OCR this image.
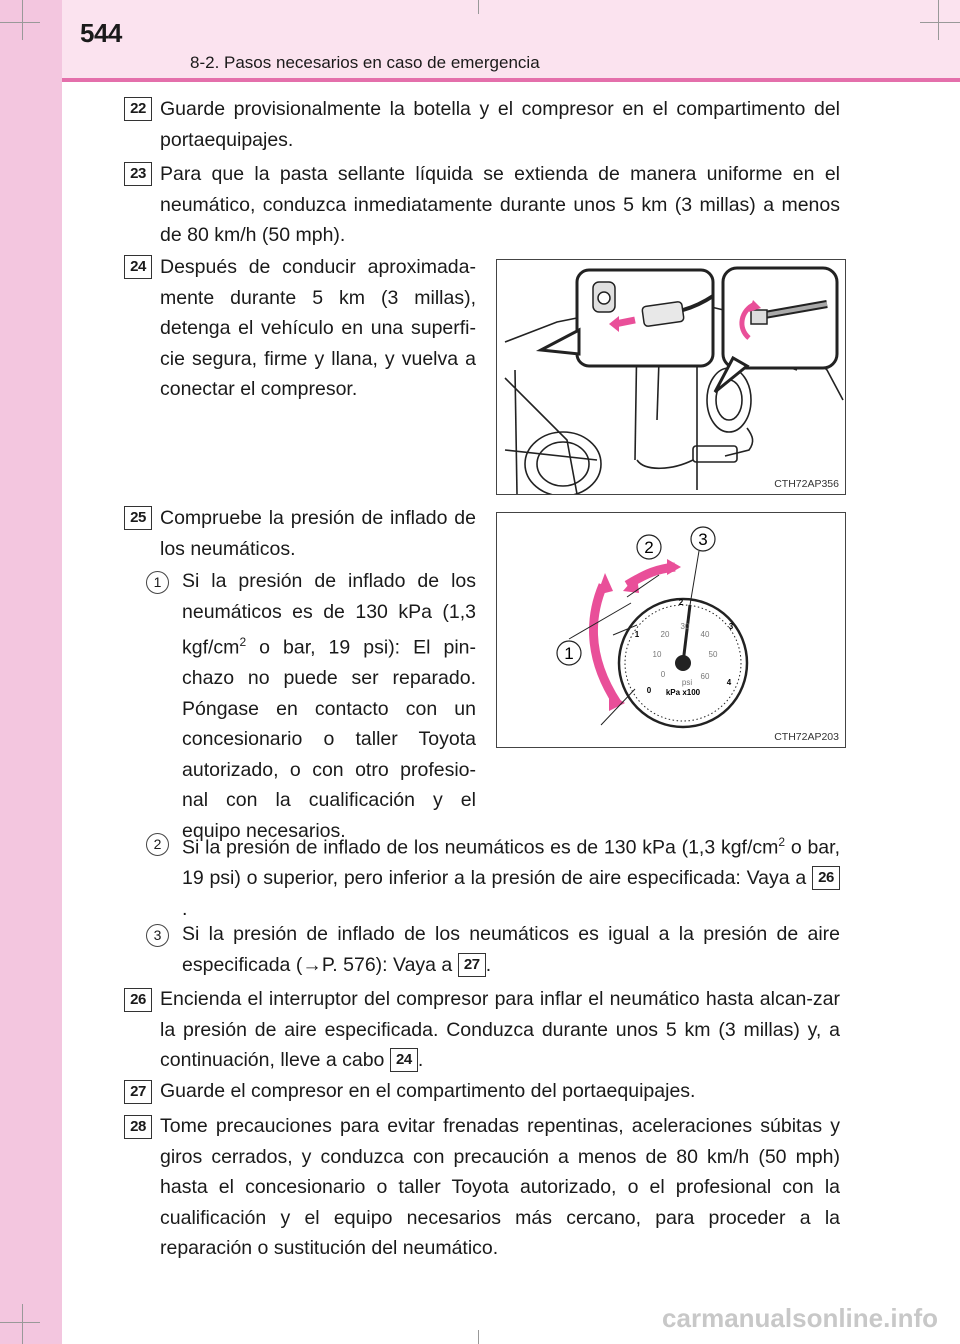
544
8-2. Pasos necesarios en caso de emergencia
22 Guarde provisionalmente la botella y el compresor en el compartimento del portaequipajes.

23 Para que la pasta sellante líquida se extienda de manera uniforme en el neumático, conduzca inmediatamente durante unos 5 km (3 millas) a menos de 80 km/h (50 mph).

24 Después de conducir aproximada-mente durante 5 km (3 millas), detenga el vehículo en una superfi-cie segura, firme y llana, y vuelva a conectar el compresor.

CTH72AP356
25 Compruebe la presión de inflado de los neumáticos.	2	3
1
0
1
2
3
4
0
10
20
30
40
50
60
psi
kPa x100
CTH72AP203
1	Si la presión de inflado de los neumáticos es de 130 kPa (1,3 kgf/$cm^2$ o bar, 19 psi): El pin-chazo no puede ser reparado. Póngase en contacto con un concesionario o taller Toyota autorizado, o con otro profesio-nal con la cualificación y el equipo necesarios.

2	Si la presión de inflado de los neumáticos es de 130 kPa (1,3 kgf/$cm^2$ o bar, 19 psi) o superior, pero inferior a la presión de aire especificada: Vaya a 26.

3	Si la presión de inflado de los neumáticos es igual a la presión de aire especificada (→P. 576): Vaya a 27 .

26 Encienda el interruptor del compresor para inflar el neumático hasta alcan-zar la presión de aire especificada. Conduzca durante unos 5 km (3 millas) y, a continuación, lleve a cabo 24 .

27 Guarde el compresor en el compartimento del portaequipajes.

28 Tome precauciones para evitar frenadas repentinas, aceleraciones súbitas y giros cerrados, y conduzca con precaución a menos de 80 km/h (50 mph) hasta el concesionario o taller Toyota autorizado, o el profesional con la cualificación y el equipo necesarios más cercano, para proceder a la reparación o sustitución del neumático.

carmanualsonline.info
